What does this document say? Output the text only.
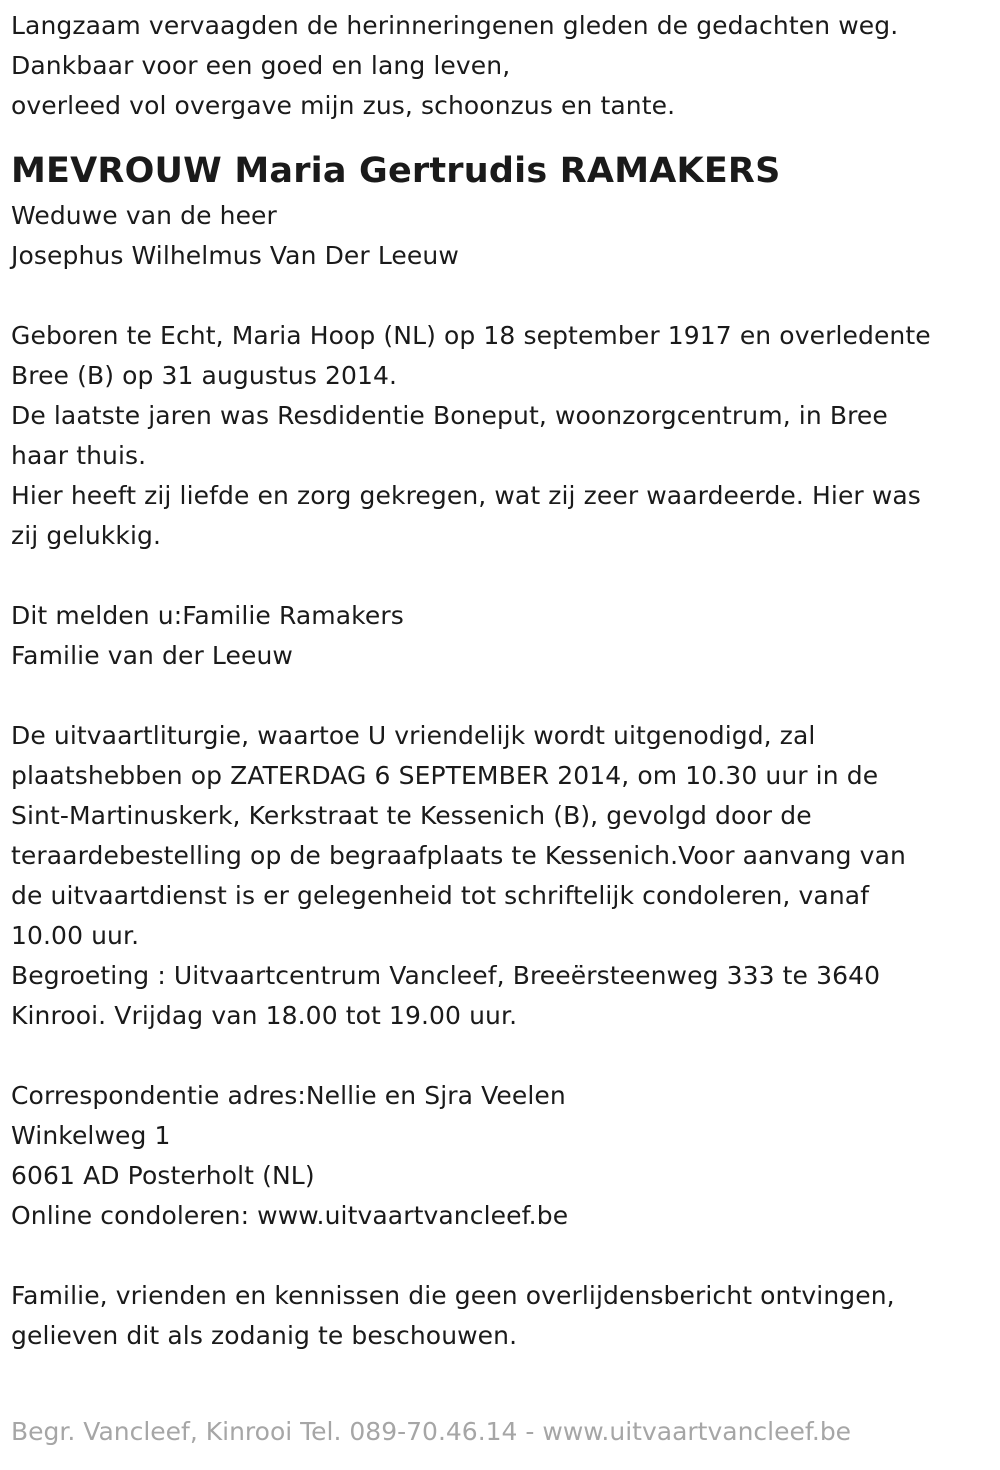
Langzaam vervaagden de herinneringenen gleden de gedachten weg.
Dankbaar voor een goed en lang leven,
overleed vol overgave mijn zus, schoonzus en tante.
MEVROUW Maria Gertrudis RAMAKERS
Weduwe van de heer
Josephus Wilhelmus Van Der Leeuw
Geboren te Echt, Maria Hoop (NL) op 18 september 1917 en overledente
Bree (B) op 31 augustus 2014.
De laatste jaren was Resdidentie Boneput, woonzorgcentrum, in Bree
haar thuis.
Hier heeft zij liefde en zorg gekregen, wat zij zeer waardeerde. Hier was
zij gelukkig.
Dit melden u:Familie Ramakers
Familie van der Leeuw
De uitvaartliturgie, waartoe U vriendelijk wordt uitgenodigd, zal
plaatshebben op ZATERDAG 6 SEPTEMBER 2014, om 10.30 uur in de
Sint-Martinuskerk, Kerkstraat te Kessenich (B), gevolgd door de
teraardebestelling op de begraafplaats te Kessenich.Voor aanvang van
de uitvaartdienst is er gelegenheid tot schriftelijk condoleren, vanaf
10.00 uur.
Begroeting : Uitvaartcentrum Vancleef, Breeërsteenweg 333 te 3640
Kinrooi. Vrijdag van 18.00 tot 19.00 uur.
Correspondentie adres:Nellie en Sjra Veelen
Winkelweg 1
6061 AD Posterholt (NL)
Online condoleren: www.uitvaartvancleef.be
Familie, vrienden en kennissen die geen overlijdensbericht ontvingen,
gelieven dit als zodanig te beschouwen.
Begr. Vancleef, Kinrooi Tel. 089-70.46.14 - www.uitvaartvancleef.be
